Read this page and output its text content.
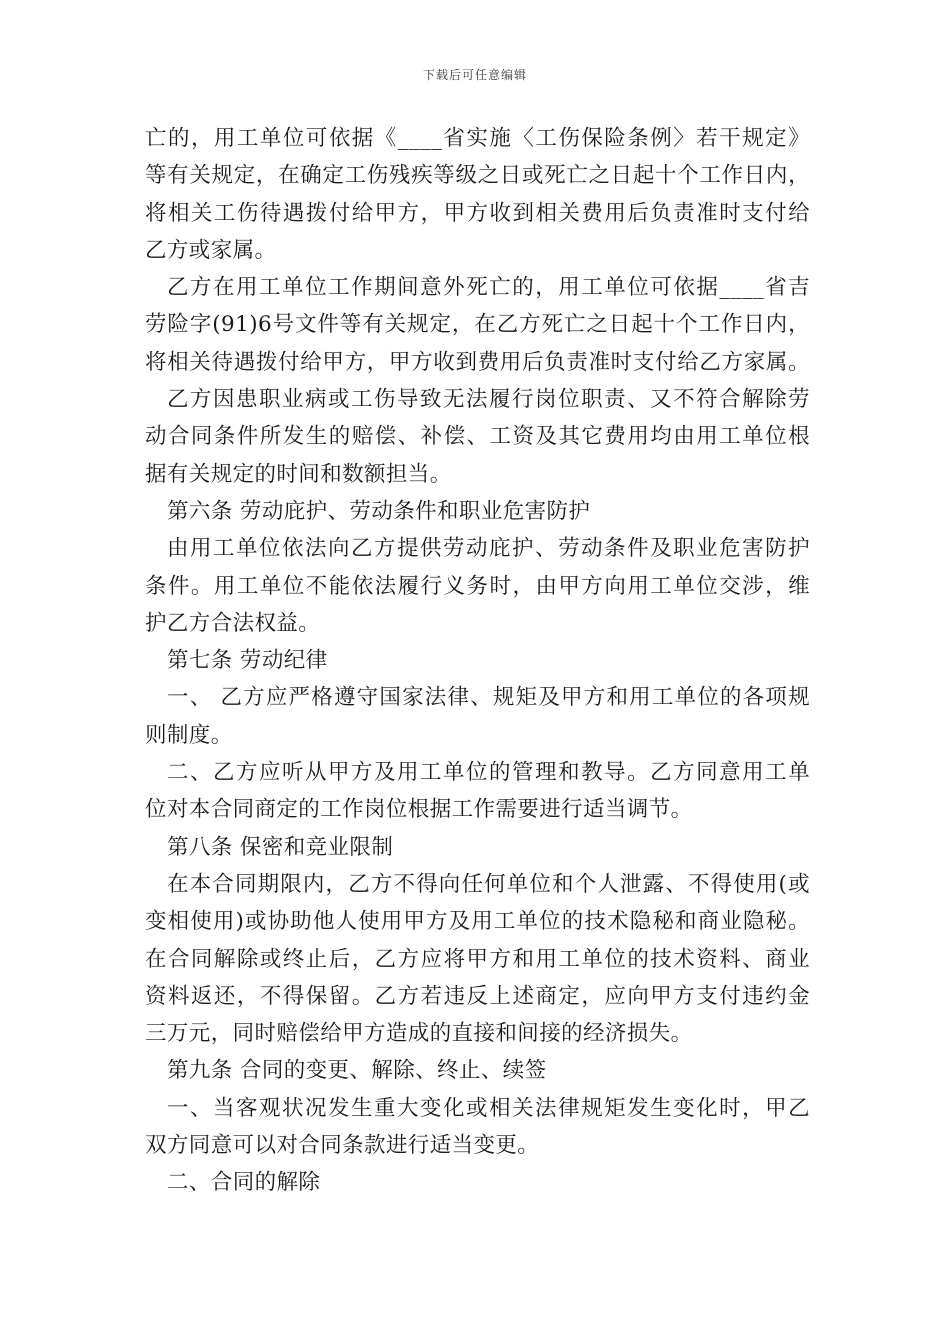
下载后可任意编辑
亡的，用工单位可依据《____省实施〈工伤保险条例〉若干规定》
等有关规定，在确定工伤残疾等级之日或死亡之日起十个工作日内，
将相关工伤待遇拨付给甲方，甲方收到相关费用后负责准时支付给
乙方或家属。
乙方在用工单位工作期间意外死亡的，用工单位可依据____省吉
劳险字(91)6号文件等有关规定，在乙方死亡之日起十个工作日内，
将相关待遇拨付给甲方，甲方收到费用后负责准时支付给乙方家属。
乙方因患职业病或工伤导致无法履行岗位职责、又不符合解除劳
动合同条件所发生的赔偿、补偿、工资及其它费用均由用工单位根
据有关规定的时间和数额担当。
第六条 劳动庇护、劳动条件和职业危害防护
由用工单位依法向乙方提供劳动庇护、劳动条件及职业危害防护
条件。用工单位不能依法履行义务时，由甲方向用工单位交涉，维
护乙方合法权益。
第七条 劳动纪律
一、 乙方应严格遵守国家法律、规矩及甲方和用工单位的各项规
则制度。
二、乙方应听从甲方及用工单位的管理和教导。乙方同意用工单
位对本合同商定的工作岗位根据工作需要进行适当调节。
第八条 保密和竞业限制
在本合同期限内，乙方不得向任何单位和个人泄露、不得使用(或
变相使用)或协助他人使用甲方及用工单位的技术隐秘和商业隐秘。
在合同解除或终止后，乙方应将甲方和用工单位的技术资料、商业
资料返还，不得保留。乙方若违反上述商定，应向甲方支付违约金
三万元，同时赔偿给甲方造成的直接和间接的经济损失。
第九条 合同的变更、解除、终止、续签
一、当客观状况发生重大变化或相关法律规矩发生变化时，甲乙
双方同意可以对合同条款进行适当变更。
二、合同的解除
